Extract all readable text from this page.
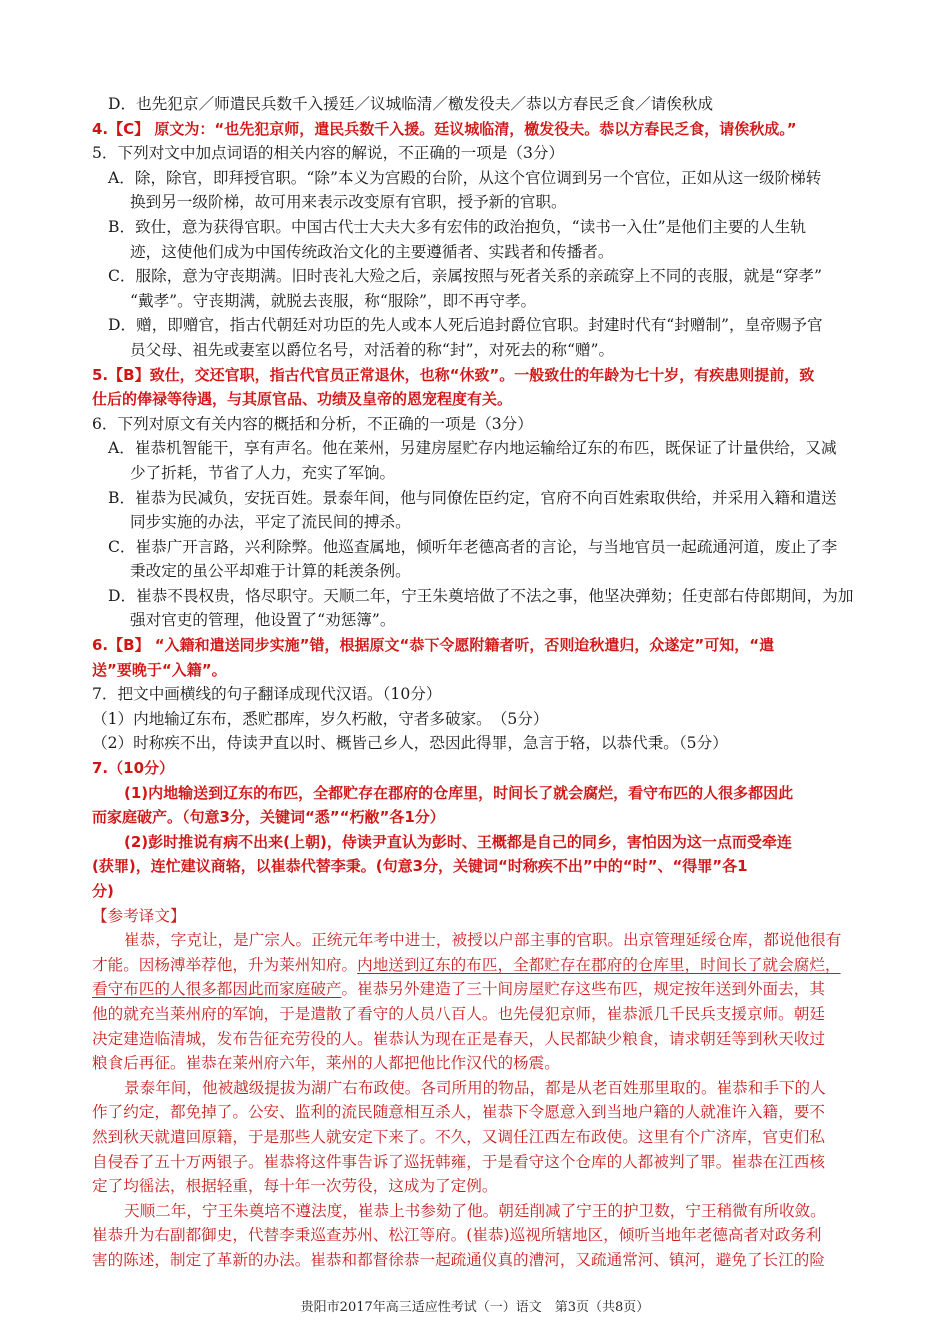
D．也先犯京／师遣民兵数千入援廷／议城临清／檄发役夫／恭以方春民乏食／请俟秋成
4.【C】 原文为：“也先犯京师，遣民兵数千入援。廷议城临清，檄发役夫。恭以方春民乏食，请俟秋成。”
5．下列对文中加点词语的相关内容的解说，不正确的一项是（3分）
A．除，除官，即拜授官职。“除”本义为宫殿的台阶，从这个官位调到另一个官位，正如从这一级阶梯转
换到另一级阶梯，故可用来表示改变原有官职，授予新的官职。
B．致仕，意为获得官职。中国古代士大夫大多有宏伟的政治抱负，“读书一入仕”是他们主要的人生轨
迹，这使他们成为中国传统政治文化的主要遵循者、实践者和传播者。
C．服除，意为守丧期满。旧时丧礼大殓之后，亲属按照与死者关系的亲疏穿上不同的丧服，就是“穿孝”
“戴孝”。守丧期满，就脱去丧服，称“服除”，即不再守孝。
D．赠，即赠官，指古代朝廷对功臣的先人或本人死后追封爵位官职。封建时代有“封赠制”，皇帝赐予官
员父母、祖先或妻室以爵位名号，对活着的称“封”，对死去的称“赠”。
5.【B】致仕，交还官职，指古代官员正常退休，也称“休致”。一般致仕的年龄为七十岁，有疾患则提前，致
仕后的俸禄等待遇，与其原官品、功绩及皇帝的恩宠程度有关。
6．下列对原文有关内容的概括和分析，不正确的一项是（3分）
A．崔恭机智能干，享有声名。他在莱州，另建房屋贮存内地运输给辽东的布匹，既保证了计量供给，又减
少了折耗，节省了人力，充实了军饷。
B．崔恭为民减负，安抚百姓。景泰年间，他与同僚佐臣约定，官府不向百姓索取供给，并采用入籍和遣送
同步实施的办法，平定了流民间的搏杀。
C．崔恭广开言路，兴利除弊。他巡查属地，倾听年老德高者的言论，与当地官员一起疏通河道，废止了李
秉改定的虽公平却难于计算的耗羡条例。
D．崔恭不畏权贵，恪尽职守。天顺二年，宁王朱奠培做了不法之事，他坚决弹劾；任吏部右侍郎期间，为加
强对官吏的管理，他设置了“劝惩簿”。
6.【B】 “入籍和遣送同步实施”错，根据原文“恭下令愿附籍者听，否则迨秋遣归，众遂定”可知，“遣
送”要晚于“入籍”。
7．把文中画横线的句子翻译成现代汉语。（10分）
（1）内地输辽东布，悉贮郡库，岁久朽敝，守者多破家。　（5分）
（2）时称疾不出，侍读尹直以时、概皆己乡人，恐因此得罪，急言于辂，以恭代秉。（5分）
7.（10分）
(1)内地输送到辽东的布匹，全都贮存在郡府的仓库里，时间长了就会腐烂，看守布匹的人很多都因此
而家庭破产。（句意3分，关键词“悉”“朽敝”各1分）
(2)彭时推说有病不出来(上朝)，侍读尹直认为彭时、王概都是自己的同乡，害怕因为这一点而受牵连
(获罪)，连忙建议商辂，以崔恭代替李秉。(句意3分，关键词“时称疾不出”中的“时”、“得罪”各1
分)
【参考译文】
崔恭，字克让，是广宗人。正统元年考中进士，被授以户部主事的官职。出京管理延绥仓库，都说他很有
才能。因杨溥举荐他，升为莱州知府。内地送到辽东的布匹，全都贮存在郡府的仓库里，时间长了就会腐烂，
看守布匹的人很多都因此而家庭破产。崔恭另外建造了三十间房屋贮存这些布匹，规定按年送到外面去，其
他的就充当莱州府的军饷，于是遣散了看守的人员八百人。也先侵犯京师，崔恭派几千民兵支援京师。朝廷
决定建造临清城，发布告征充劳役的人。崔恭认为现在正是春天，人民都缺少粮食，请求朝廷等到秋天收过
粮食后再征。崔恭在莱州府六年，莱州的人都把他比作汉代的杨震。
景泰年间，他被越级提拔为湖广右布政使。各司所用的物品，都是从老百姓那里取的。崔恭和手下的人
作了约定，都免掉了。公安、监利的流民随意相互杀人，崔恭下令愿意入到当地户籍的人就准许入籍，要不
然到秋天就遣回原籍，于是那些人就安定下来了。不久，又调任江西左布政使。这里有个广济库，官吏们私
自侵吞了五十万两银子。崔恭将这件事告诉了巡抚韩雍，于是看守这个仓库的人都被判了罪。崔恭在江西核
定了均徭法，根据轻重，每十年一次劳役，这成为了定例。
天顺二年，宁王朱奠培不遵法度，崔恭上书参劾了他。朝廷削减了宁王的护卫数，宁王稍微有所收敛。
崔恭升为右副都御史，代替李秉巡查苏州、松江等府。(崔恭)巡视所辖地区，倾听当地年老德高者对政务利
害的陈述，制定了革新的办法。崔恭和都督徐恭一起疏通仪真的漕河，又疏通常河、镇河，避免了长江的险
贵阳市2017年高三适应性考试（一）语文　第3页（共8页）
